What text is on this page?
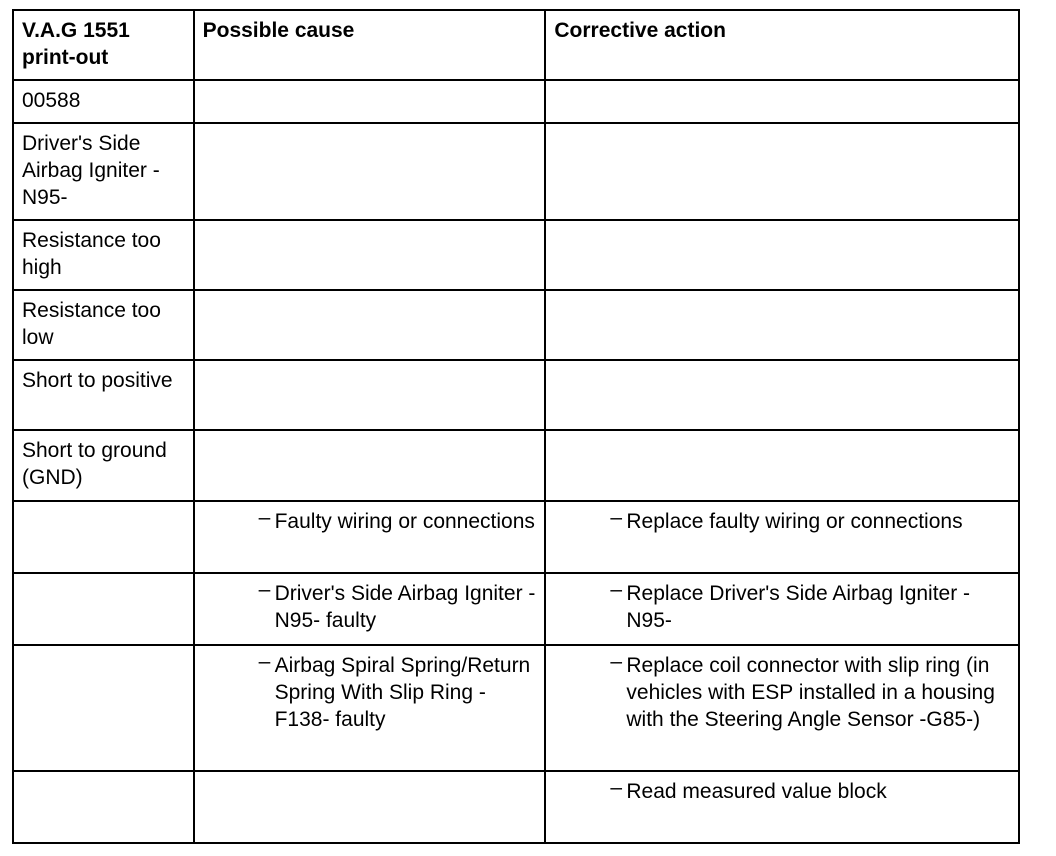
V.A.G 1551 print-out	Possible cause	Corrective action
00588		
Driver's Side Airbag Igniter -N95-		
Resistance too high		
Resistance too low		
Short to positive		
Short to ground (GND)		

	– Faulty wiring or connections	– Replace faulty wiring or connections

	– Driver's Side Airbag Igniter -N95- faulty	– Replace Driver's Side Airbag Igniter -N95-

	– Airbag Spiral Spring/Return Spring With Slip Ring -F138- faulty	– Replace coil connector with slip ring (in vehicles with ESP installed in a housing with the Steering Angle Sensor -G85-)

		– Read measured value block
